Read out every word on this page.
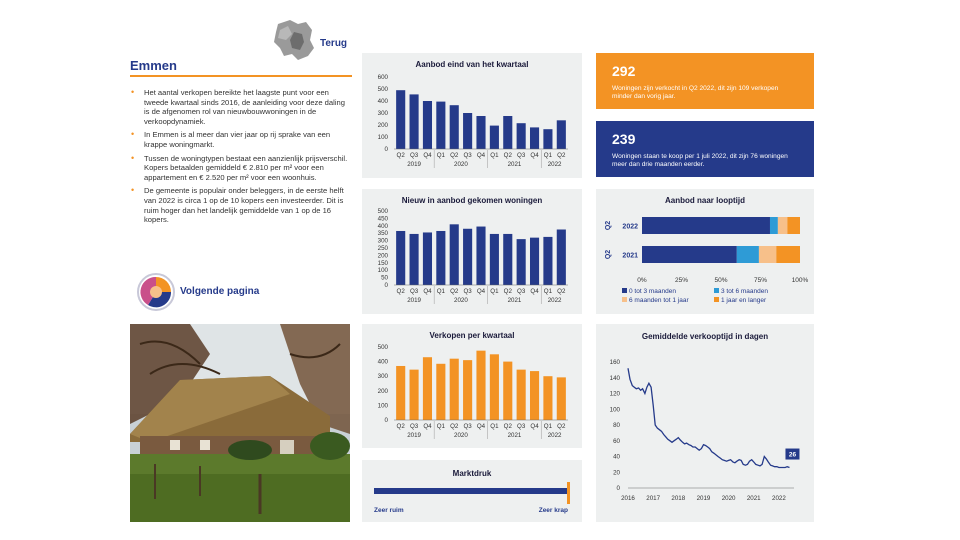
Terug
Emmen
• Het aantal verkopen bereikte het laagste punt voor een tweede kwartaal sinds 2016, de aanleiding voor deze daling is de afgenomen rol van nieuwbouwwoningen in de verkoopdynamiek.
• In Emmen is al meer dan vier jaar op rij sprake van een krappe woningmarkt.
• Tussen de woningtypen bestaat een aanzienlijk prijsverschil. Kopers betaalden gemiddeld € 2.810 per m² voor een appartement en € 2.520 per m² voor een woonhuis.
• De gemeente is populair onder beleggers, in de eerste helft van 2022 is circa 1 op de 10 kopers een investeerder. Dit is ruim hoger dan het landelijk gemiddelde van 1 op de 16 kopers.
Volgende pagina
Aanbod eind van het kwartaal
0
100
200
300
400
500
600
Q2 Q3 Q4 Q1 Q2 Q3 Q4 Q1 Q2 Q3 Q4 Q1 Q2
2019	2020	2021	2022
Nieuw in aanbod gekomen woningen
0
50
100
150
200
250
300
350
400
450
500
Q2 Q3 Q4 Q1 Q2 Q3 Q4 Q1 Q2 Q3 Q4 Q1 Q2
2019	2020	2021	2022
Verkopen per kwartaal
0
100
200
300
400
500
Q2 Q3 Q4 Q1 Q2 Q3 Q4 Q1 Q2 Q3 Q4 Q1 Q2
2019	2020	2021	2022
Marktdruk
Zeer ruim	Zeer krap
292
Woningen zijn verkocht in Q2 2022, dit zijn 109 verkopen minder dan vorig jaar.
239
Woningen staan te koop per 1 juli 2022, dit zijn 76 woningen meer dan drie maanden eerder.
Aanbod naar looptijd
2022
Q2
2021
Q2
0%	25%	50%	75%	100%
0 tot 3 maanden	3 tot 6 maanden
6 maanden tot 1 jaar	1 jaar en langer
Gemiddelde verkooptijd in dagen
0
20
40
60
80
100
120
140
160
2016 2017 2018 2019 2020 2021 2022
26
